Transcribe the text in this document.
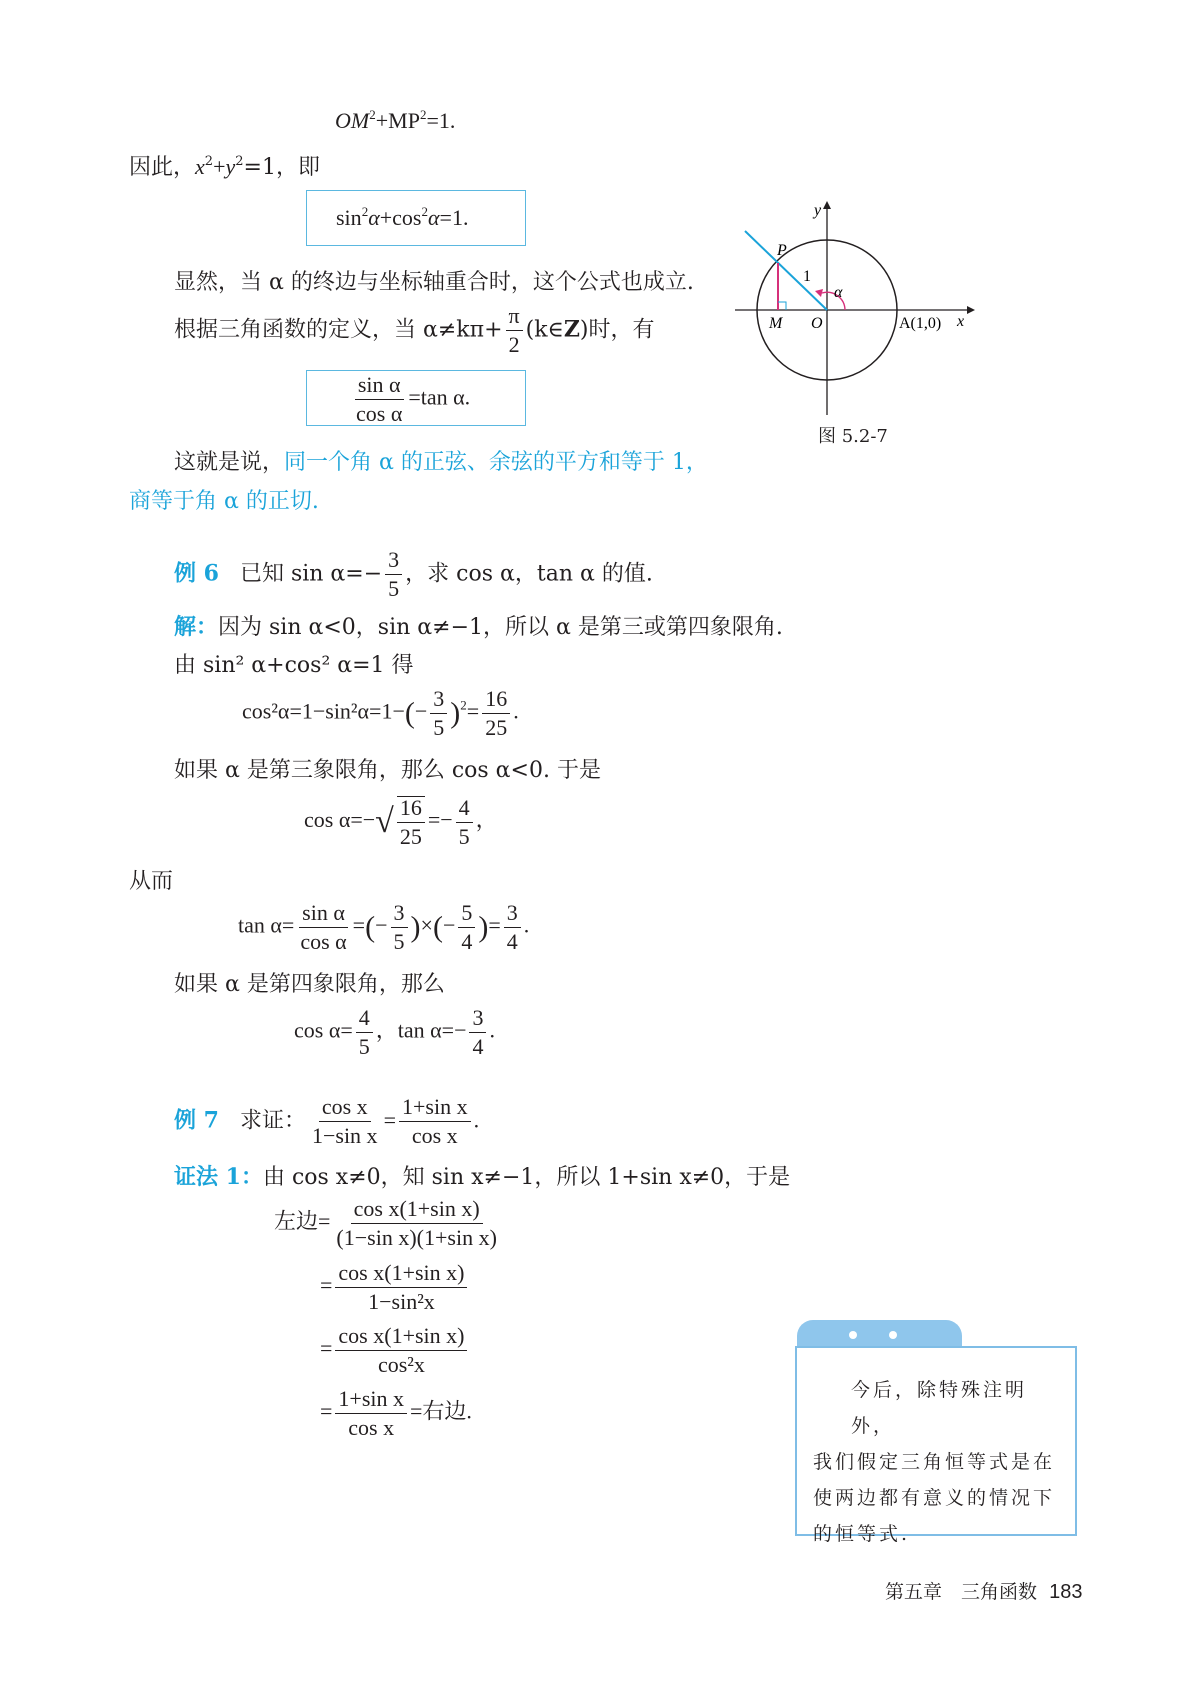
$OM^2+MP^2=1$.
因此，$x^2+y^2=1$，即
$\sin^2\alpha+\cos^2\alpha=1$.
显然，当 α 的终边与坐标轴重合时，这个公式也成立.
根据三角函数的定义，当 $\alpha\ne k\pi+ \frac{\pi}{2}$ (k∈Z)时，有
$\frac{\text{sin α}}{\text{cos α}} =\tan$ α.
这就是说，同一个角 α 的正弦、余弦的平方和等于 1，
商等于角 α 的正切.
y
x
P
M O	A(1,0)
1
α
图 5.2-7
例 6 已知 $\sin \alpha=- \frac{3}{5}$ ，求 cos α，tan α 的值.
解：因为 sin α<0，sin α≠−1，所以 α 是第三或第四象限角.
由 sin² α+cos² α=1 得
$\cos^2\alpha=1-\sin^2\alpha=1-(- \frac{3}{5} )^2= \frac{16}{25}$ .
如果 α 是第三象限角，那么 cos α<0. 于是
$\cos \alpha=-√ \frac{16}{25} =- \frac{4}{5}$ ，
从而
$\tan \alpha= \frac{\text{sin α}}{\text{cos α}}$ =(− $\frac{3}{5}$ )×(− $\frac{5}{4}$ )= $\frac{3}{4}$ .
如果 α 是第四象限角，那么
$\cos \alpha= \frac{4}{5}$ ，$\tan \alpha=- \frac{3}{4}$ .
例 7 求证： $\frac{\text{cos x}}{\text{1−sin x}} = \frac{\text{1+sin x}}{\text{cos x}}$ .
证法 1：由 cos x≠0，知 sin x≠−1，所以 1+sin x≠0，于是
左边= $\frac{\text{cos x(1+sin x)}}{\text{(1−sin x)(1+sin x)}}$
= $\frac{\text{cos x(1+sin x)}}{\text{1−sin²x}}$
= $\frac{\text{cos x(1+sin x)}}{\text{cos²x}}$
= $\frac{\text{1+sin x}}{\text{cos x}}$ =右边.

今后，除特殊注明外，

我们假定三角恒等式是在

使两边都有意义的情况下

的恒等式.

第五章　三角函数 183
